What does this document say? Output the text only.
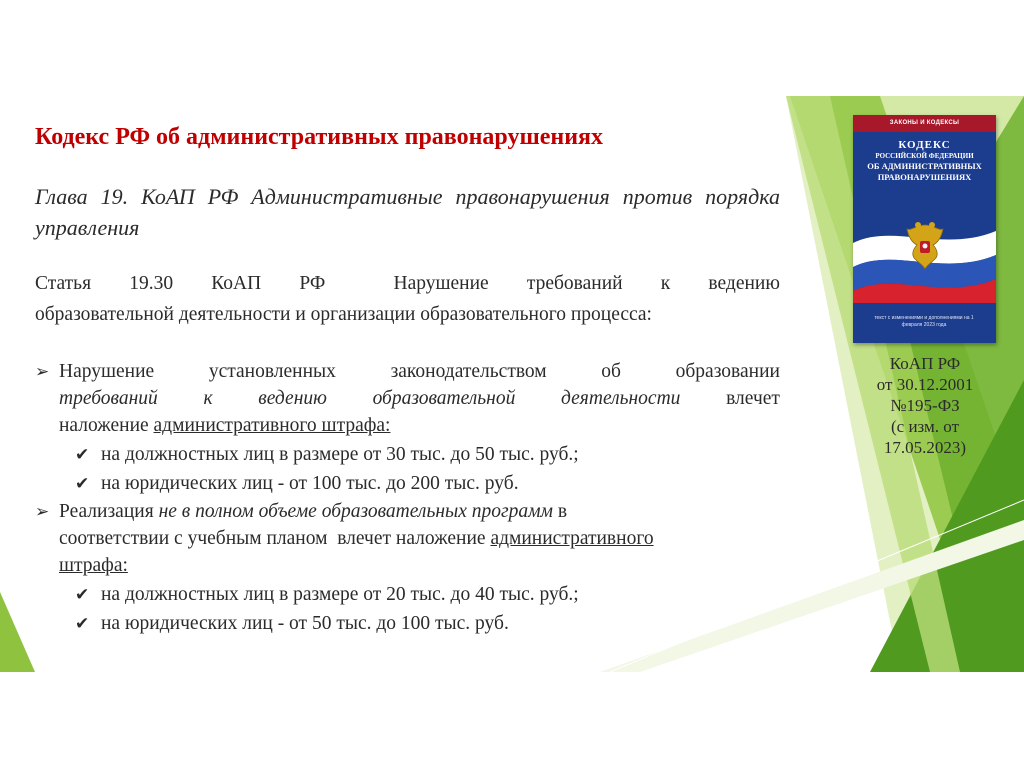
Кодекс РФ об административных правонарушениях
Глава 19. КоАП РФ Административные правонарушения против порядка управления
Статья 19.30 КоАП РФ	Нарушение требований к ведению
образовательной деятельности и организации образовательного процесса:
➢ Нарушение	установленных	законодательством	об	образовании
требований к ведению образовательной деятельности влечет
наложение административного штрафа:
✔ на должностных лиц в размере от 30 тыс. до 50 тыс. руб.;
✔ на юридических лиц - от 100 тыс. до 200 тыс. руб.
➢ Реализация не в полном объеме образовательных программ в
соответствии с учебным планом  влечет наложение административного
штрафа:
✔ на должностных лиц в размере от 20 тыс. до 40 тыс. руб.;
✔ на юридических лиц - от 50 тыс. до 100 тыс. руб.
ЗАКОНЫ И КОДЕКСЫ
КОДЕКС
РОССИЙСКОЙ ФЕДЕРАЦИИ
ОБ АДМИНИСТРАТИВНЫХ
ПРАВОНАРУШЕНИЯХ
текст с изменениями и дополнениями на 1 февраля 2023 года
КоАП РФ
от 30.12.2001
№195-ФЗ
(с изм. от
17.05.2023)
